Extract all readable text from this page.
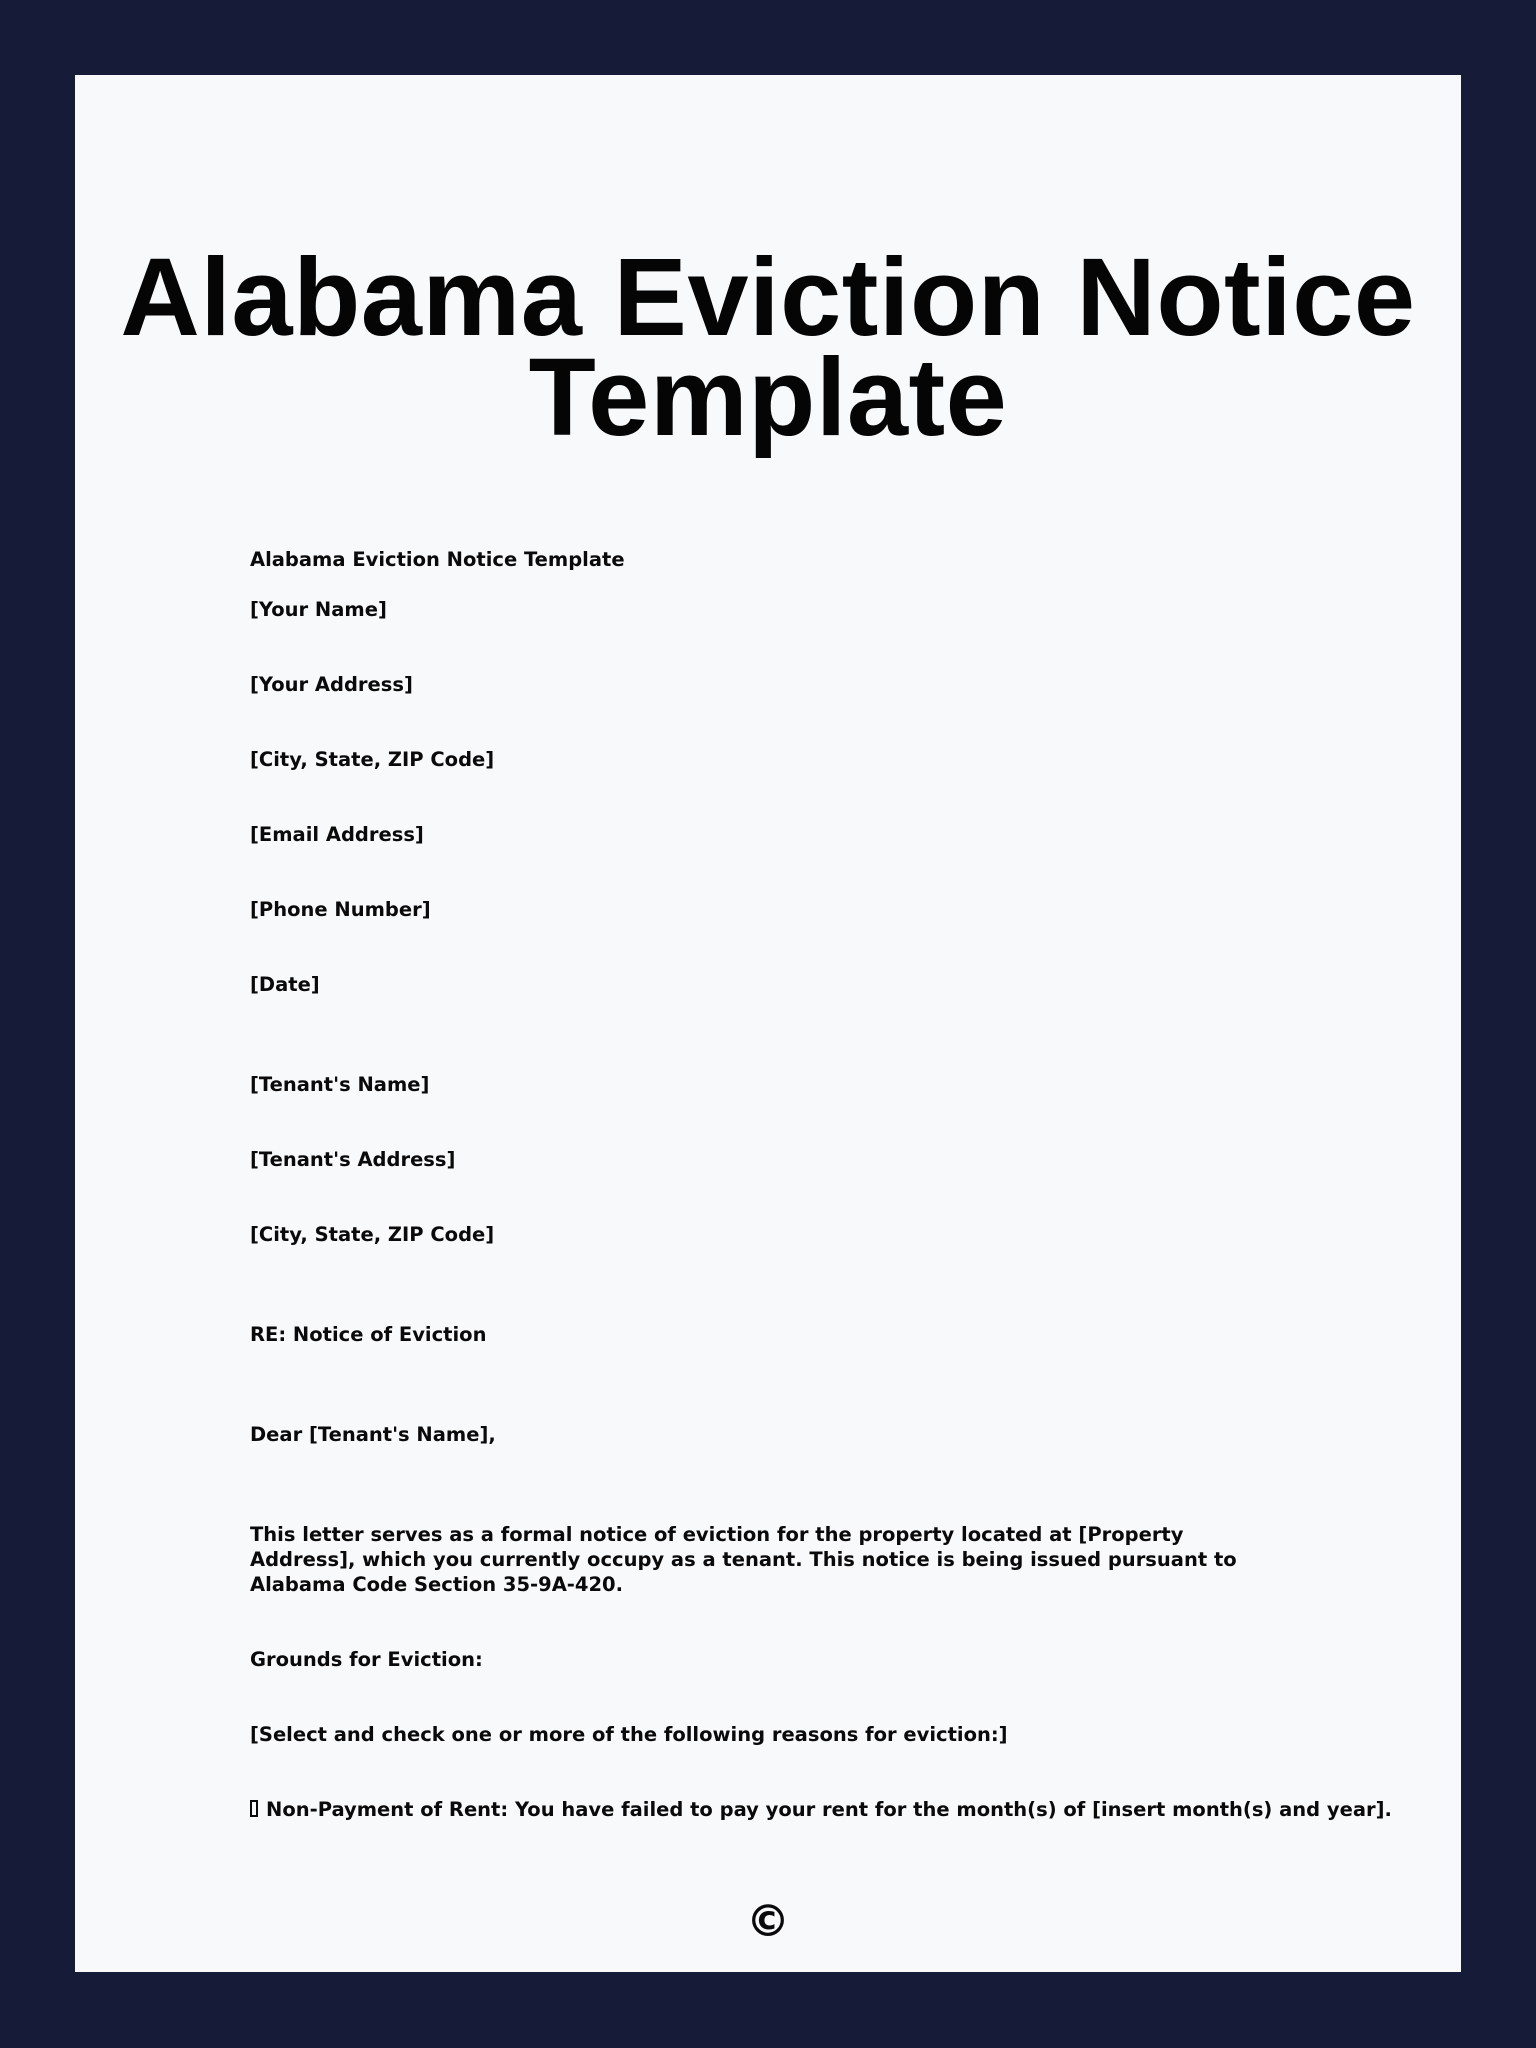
Alabama Eviction Notice Template

Alabama Eviction Notice Template

[Your Name]

[Your Address]

[City, State, ZIP Code]

[Email Address]

[Phone Number]

[Date]

[Tenant's Name]

[Tenant's Address]

[City, State, ZIP Code]

RE: Notice of Eviction

Dear [Tenant's Name],

This letter serves as a formal notice of eviction for the property located at [Property Address], which you currently occupy as a tenant. This notice is being issued pursuant to Alabama Code Section 35-9A-420.

Grounds for Eviction:

[Select and check one or more of the following reasons for eviction:]

Non-Payment of Rent: You have failed to pay your rent for the month(s) of [insert month(s) and year].

©
